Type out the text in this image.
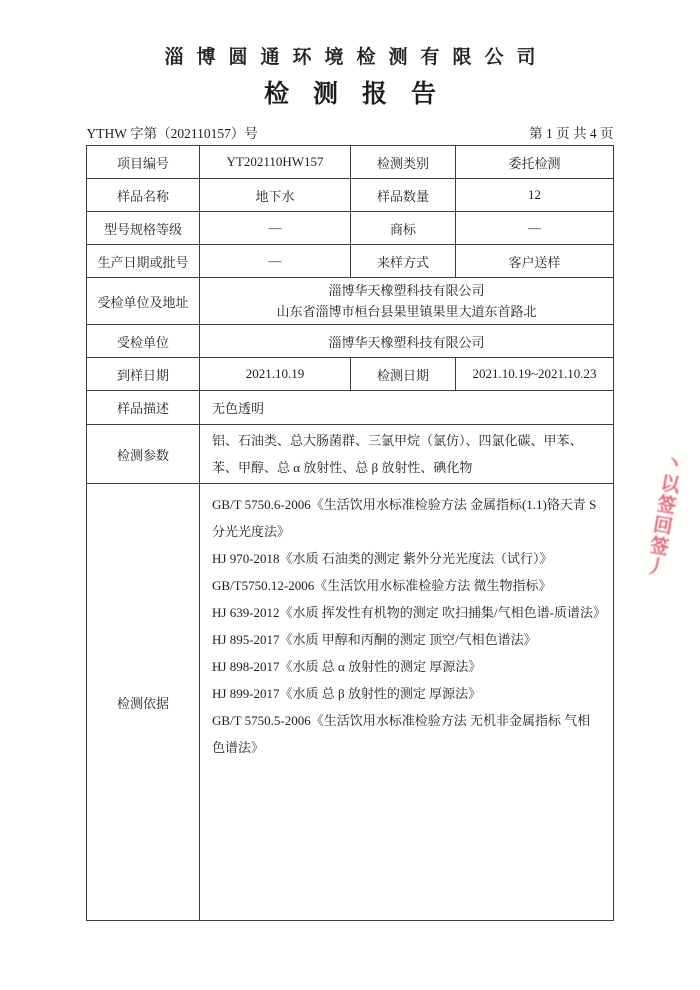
淄博圆通环境检测有限公司
检测报告
YTHW 字第（202110157）号	第 1 页 共 4 页
项目编号	YT202110HW157	检测类别	委托检测
样品名称	地下水	样品数量	12
型号规格等级	—	商标	—
生产日期或批号	—	来样方式	客户送样
受检单位及地址	淄博华天橡塑科技有限公司
山东省淄博市桓台县果里镇果里大道东首路北		

受检单位	淄博华天橡塑科技有限公司		
到样日期	2021.10.19	检测日期	2021.10.19~2021.10.23
样品描述	无色透明		
检测参数	铝、石油类、总大肠菌群、三氯甲烷（氯仿）、四氯化碳、甲苯、苯、甲醇、总 α 放射性、总 β 放射性、碘化物		
检测依据	
GB/T 5750.6-2006《生活饮用水标准检验方法 金属指标(1.1)铬天青 S 分光光度法》
HJ 970-2018《水质 石油类的测定 紫外分光光度法（试行）》
GB/T5750.12-2006《生活饮用水标准检验方法 微生物指标》
HJ 639-2012《水质 挥发性有机物的测定 吹扫捕集/气相色谱-质谱法》
HJ 895-2017《水质 甲醇和丙酮的测定 顶空/气相色谱法》
HJ 898-2017《水质 总 α 放射性的测定 厚源法》
HJ 899-2017《水质 总 β 放射性的测定 厚源法》
GB/T 5750.5-2006《生活饮用水标准检验方法 无机非金属指标 气相色谱法》
丶以签回签丿
